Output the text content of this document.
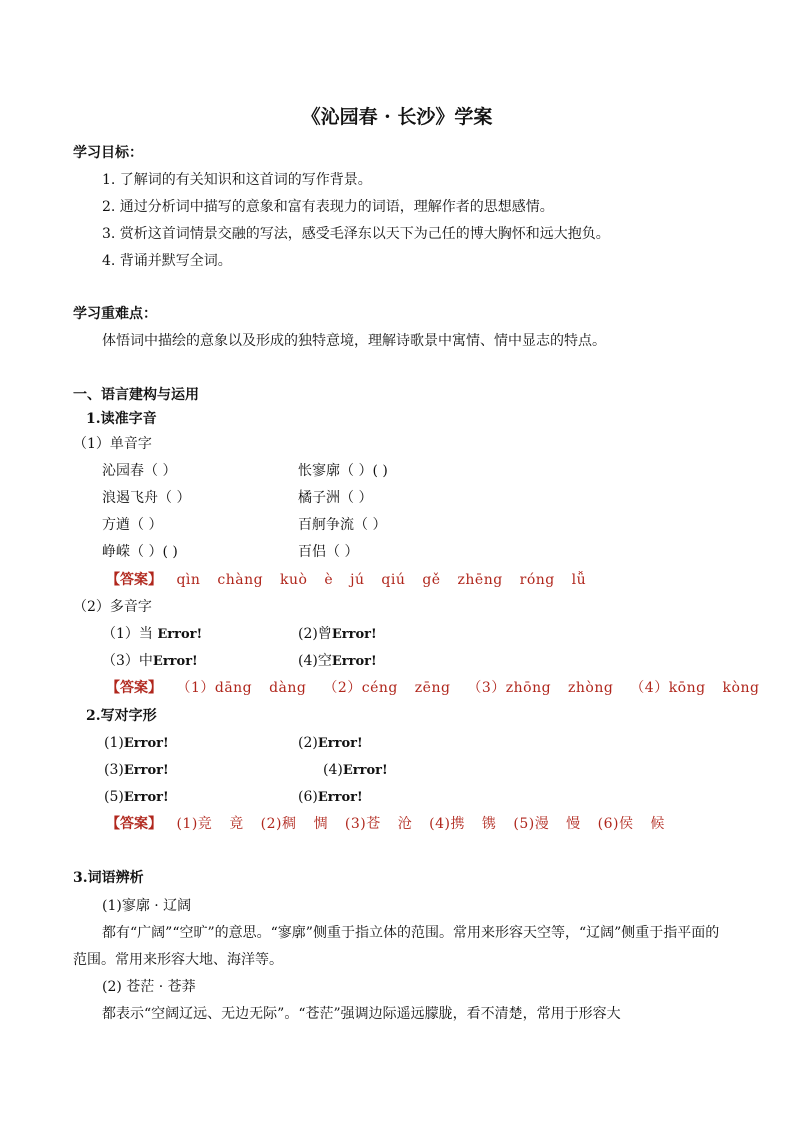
《沁园春 · 长沙》学案
学习目标：
1. 了解词的有关知识和这首词的写作背景。
2. 通过分析词中描写的意象和富有表现力的词语，理解作者的思想感情。
3. 赏析这首词情景交融的写法，感受毛泽东以天下为己任的博大胸怀和远大抱负。
4. 背诵并默写全词。
学习重难点：
体悟词中描绘的意象以及形成的独特意境，理解诗歌景中寓情、情中显志的特点。
一、语言建构与运用
1.读准字音
（1）单音字
沁园春（ ）	怅寥廓（ ）( )
浪遏飞舟（ ）	橘子洲（ ）
方遒（ ）	百舸争流（ ）
峥嵘（ ）( )	百侣（ ）
【答案】 qìn chàng kuò è jú qiú gě zhēng róng lǚ
（2）多音字
（1）当 Error!	(2)曾Error!
（3）中Error!	(4)空Error!
【答案】 （1）dāng dàng （2）céng zēng （3）zhōng zhòng （4）kōng kòng
2.写对字形
(1)Error!	(2)Error!
(3)Error!	(4)Error!
(5)Error!	(6)Error!
【答案】 (1)竞 竟 (2)稠 惆 (3)苍 沧 (4)携 镌 (5)漫 慢 (6)侯 候
3.词语辨析
(1)寥廓 · 辽阔
都有“广阔”“空旷”的意思。“寥廓”侧重于指立体的范围。常用来形容天空等，“辽阔”侧重于指平面的范围。常用来形容大地、海洋等。
(2) 苍茫 · 苍莽
都表示“空阔辽远、无边无际”。“苍茫”强调边际遥远朦胧，看不清楚，常用于形容大
